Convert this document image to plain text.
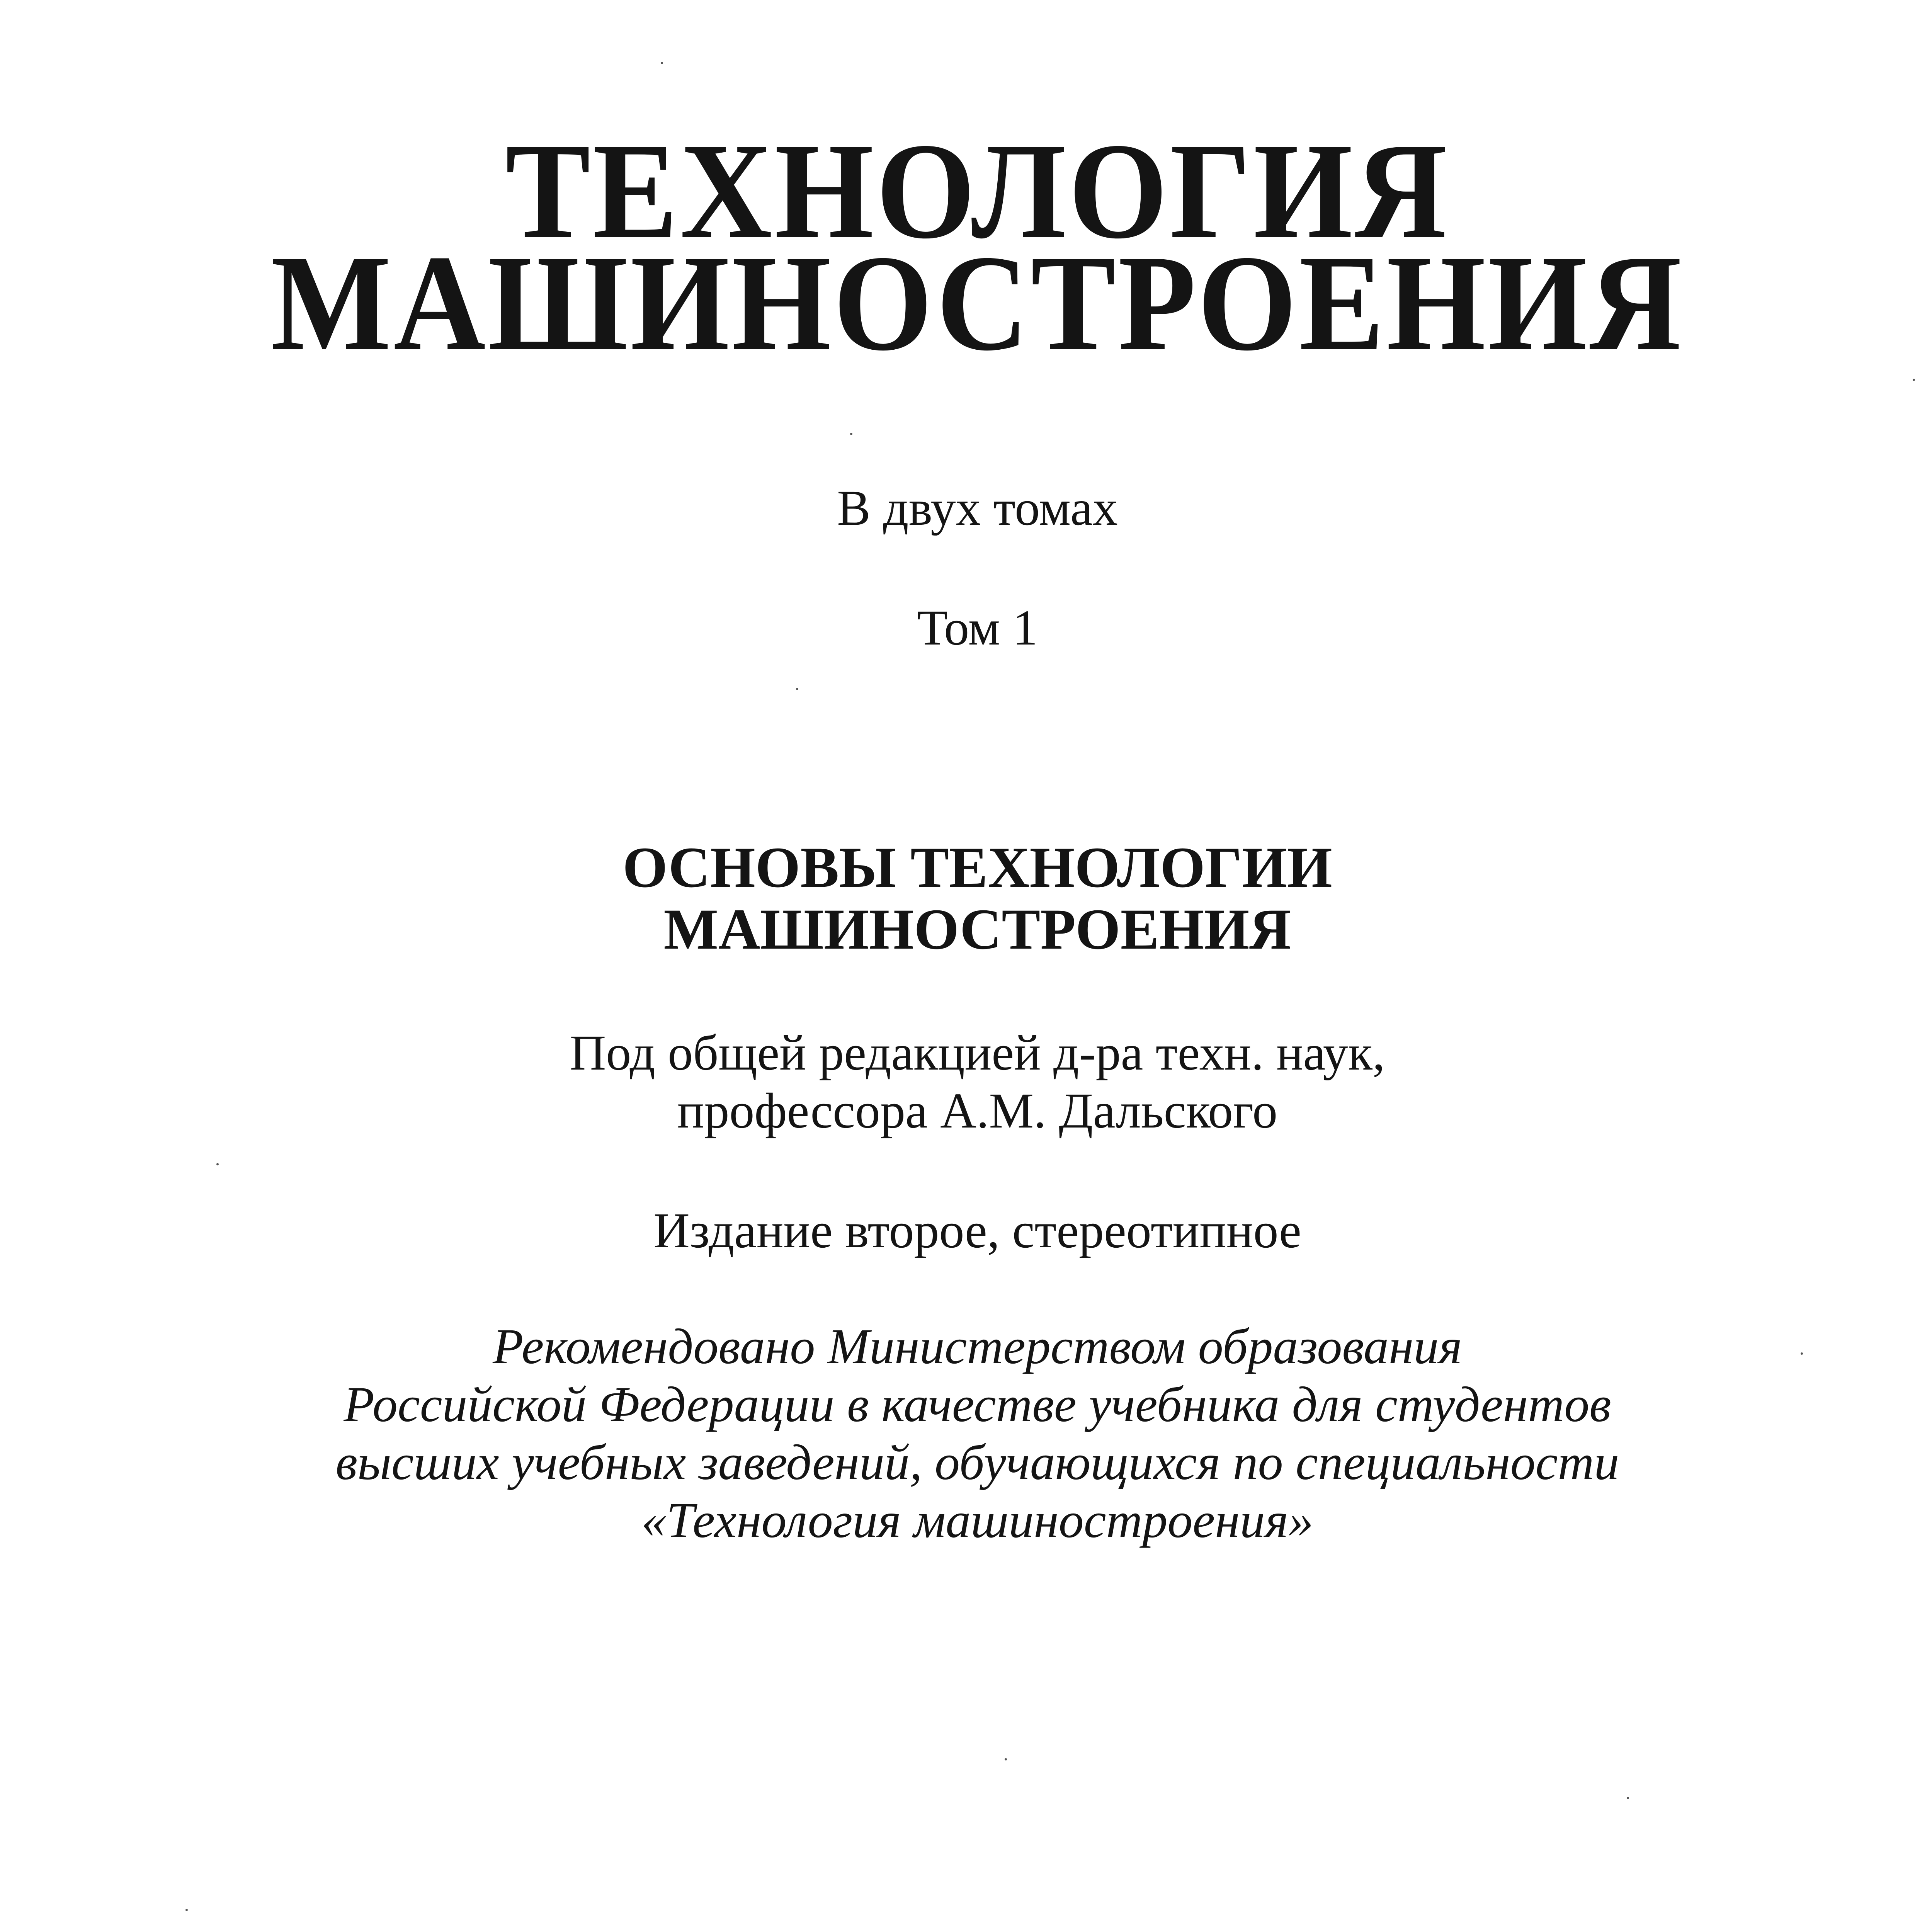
ТЕХНОЛОГИЯ
МАШИНОСТРОЕНИЯ
В двух томах
Том 1
ОСНОВЫ ТЕХНОЛОГИИ
МАШИНОСТРОЕНИЯ
Под общей редакцией д-ра техн. наук,
профессора А.М. Дальского
Издание второе, стереотипное
Рекомендовано Министерством образования
Российской Федерации в качестве учебника для студентов
высших учебных заведений, обучающихся по специальности
«Технология машиностроения»
